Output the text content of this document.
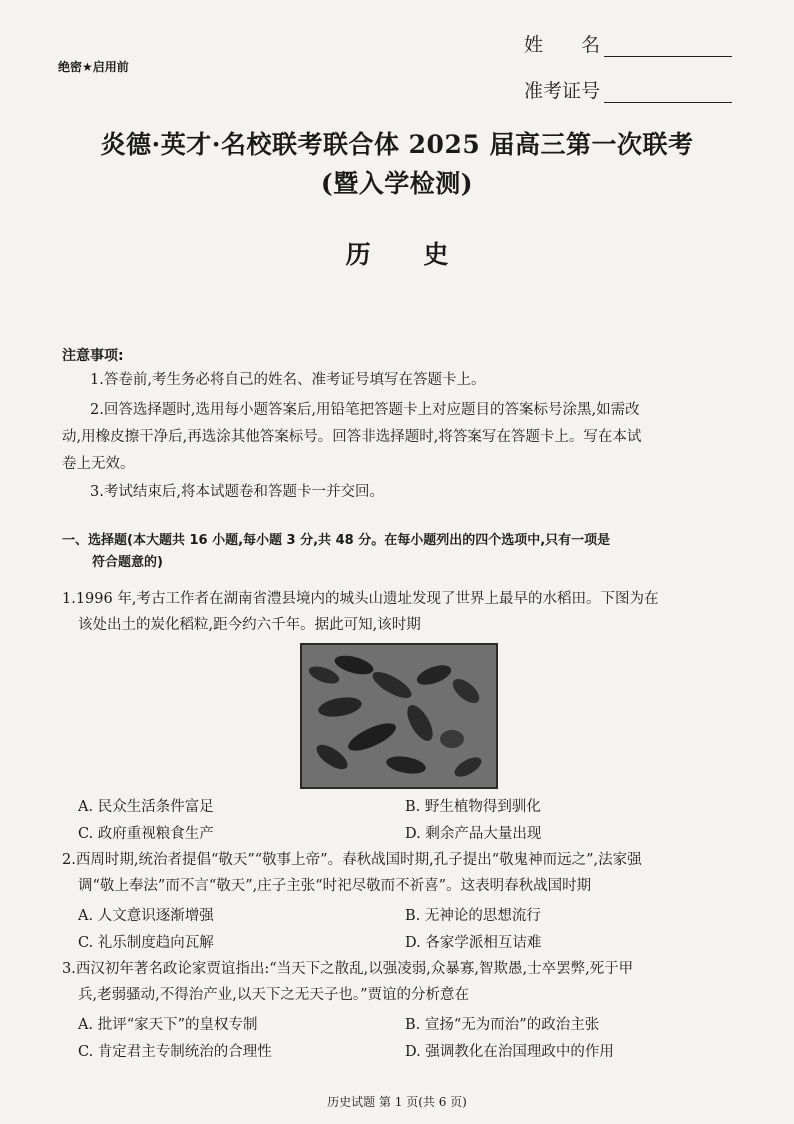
绝密★启用前
姓　　名
准考证号
炎德·英才·名校联考联合体 2025 届高三第一次联考
(暨入学检测)
历 史
注意事项:
1.答卷前,考生务必将自己的姓名、准考证号填写在答题卡上。
2.回答选择题时,选用每小题答案后,用铅笔把答题卡上对应题目的答案标号涂黑,如需改
动,用橡皮擦干净后,再选涂其他答案标号。回答非选择题时,将答案写在答题卡上。写在本试
卷上无效。
3.考试结束后,将本试题卷和答题卡一并交回。
一、选择题(本大题共 16 小题,每小题 3 分,共 48 分。在每小题列出的四个选项中,只有一项是
符合题意的)
1.1996 年,考古工作者在湖南省澧县境内的城头山遗址发现了世界上最早的水稻田。下图为在
该处出土的炭化稻粒,距今约六千年。据此可知,该时期
A. 民众生活条件富足	B. 野生植物得到驯化
C. 政府重视粮食生产	D. 剩余产品大量出现
2.西周时期,统治者提倡“敬天”“敬事上帝”。春秋战国时期,孔子提出“敬鬼神而远之”,法家强
调“敬上奉法”而不言“敬天”,庄子主张“时祀尽敬而不祈喜”。这表明春秋战国时期
A. 人文意识逐渐增强	B. 无神论的思想流行
C. 礼乐制度趋向瓦解	D. 各家学派相互诘难
3.西汉初年著名政论家贾谊指出:“当天下之散乱,以强凌弱,众暴寡,智欺愚,士卒罢弊,死于甲
兵,老弱骚动,不得治产业,以天下之无天子也。”贾谊的分析意在
A. 批评“家天下”的皇权专制	B. 宣扬“无为而治”的政治主张
C. 肯定君主专制统治的合理性	D. 强调教化在治国理政中的作用
历史试题 第 1 页(共 6 页)
